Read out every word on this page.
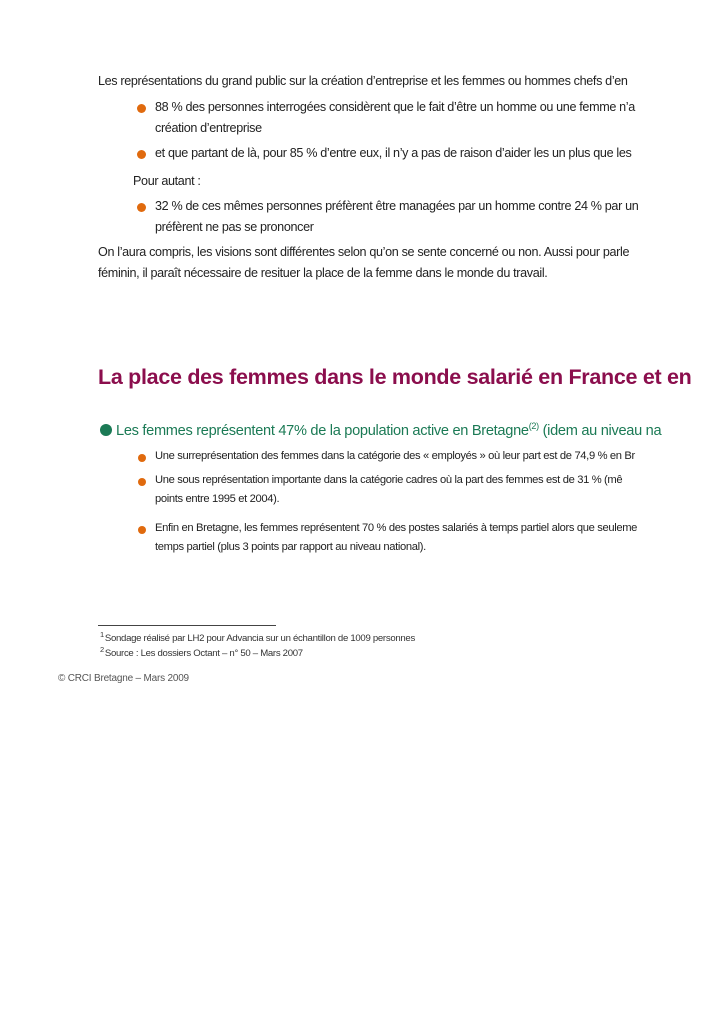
Les représentations du grand public sur la création d’entreprise et les femmes ou hommes chefs d’en
88 % des personnes interrogées considèrent que le fait d’être un homme ou une femme n’a
création d’entreprise
et que partant de là, pour 85 % d’entre eux, il n’y a pas de raison d’aider les un plus que les
Pour autant :
32 % de ces mêmes personnes préfèrent être managées par un homme contre 24 % par un
préfèrent ne pas se prononcer
On l’aura compris, les visions sont différentes selon qu’on se sente concerné ou non. Aussi pour parle
féminin, il paraît nécessaire de resituer la place de la femme dans le monde du travail.
La place des femmes dans le monde salarié en France et en
Les femmes représentent 47% de la population active en Bretagne$^{(2)}$ (idem au niveau na
Une surreprésentation des femmes dans la catégorie des « employés » où leur part est de 74,9 % en Br
Une sous représentation importante dans la catégorie cadres où la part des femmes est de 31 % (mê
points entre 1995 et 2004).
Enfin en Bretagne, les femmes représentent 70 % des postes salariés à temps partiel alors que seuleme
temps partiel (plus 3 points par rapport au niveau national).
$^1$Sondage réalisé par LH2 pour Advancia sur un échantillon de 1009 personnes
$^2$Source : Les dossiers Octant – n° 50 – Mars 2007
© CRCI Bretagne – Mars 2009
